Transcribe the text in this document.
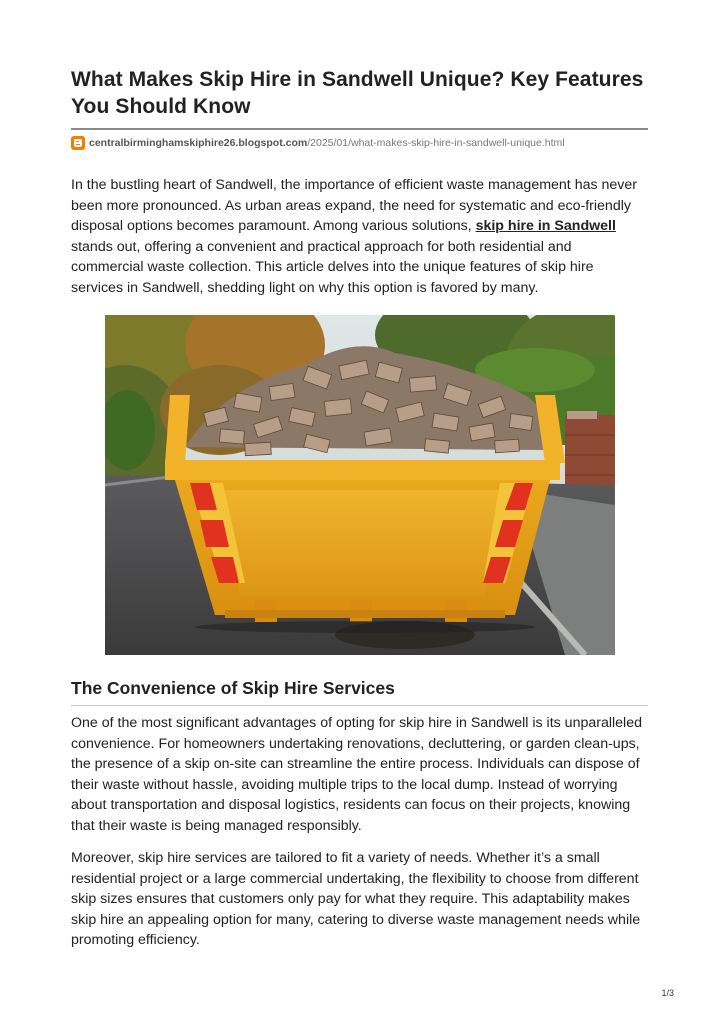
What Makes Skip Hire in Sandwell Unique? Key Features You Should Know
centralbirminghamskiphire26.blogspot.com /2025/01/what-makes-skip-hire-in-sandwell-unique.html

In the bustling heart of Sandwell, the importance of efficient waste management has never been more pronounced. As urban areas expand, the need for systematic and eco-friendly disposal options becomes paramount. Among various solutions, skip hire in Sandwell stands out, offering a convenient and practical approach for both residential and commercial waste collection. This article delves into the unique features of skip hire services in Sandwell, shedding light on why this option is favored by many.

The Convenience of Skip Hire Services

One of the most significant advantages of opting for skip hire in Sandwell is its unparalleled convenience. For homeowners undertaking renovations, decluttering, or garden clean-ups, the presence of a skip on-site can streamline the entire process. Individuals can dispose of their waste without hassle, avoiding multiple trips to the local dump. Instead of worrying about transportation and disposal logistics, residents can focus on their projects, knowing that their waste is being managed responsibly.

Moreover, skip hire services are tailored to fit a variety of needs. Whether it’s a small residential project or a large commercial undertaking, the flexibility to choose from different skip sizes ensures that customers only pay for what they require. This adaptability makes skip hire an appealing option for many, catering to diverse waste management needs while promoting efficiency.

1/3
